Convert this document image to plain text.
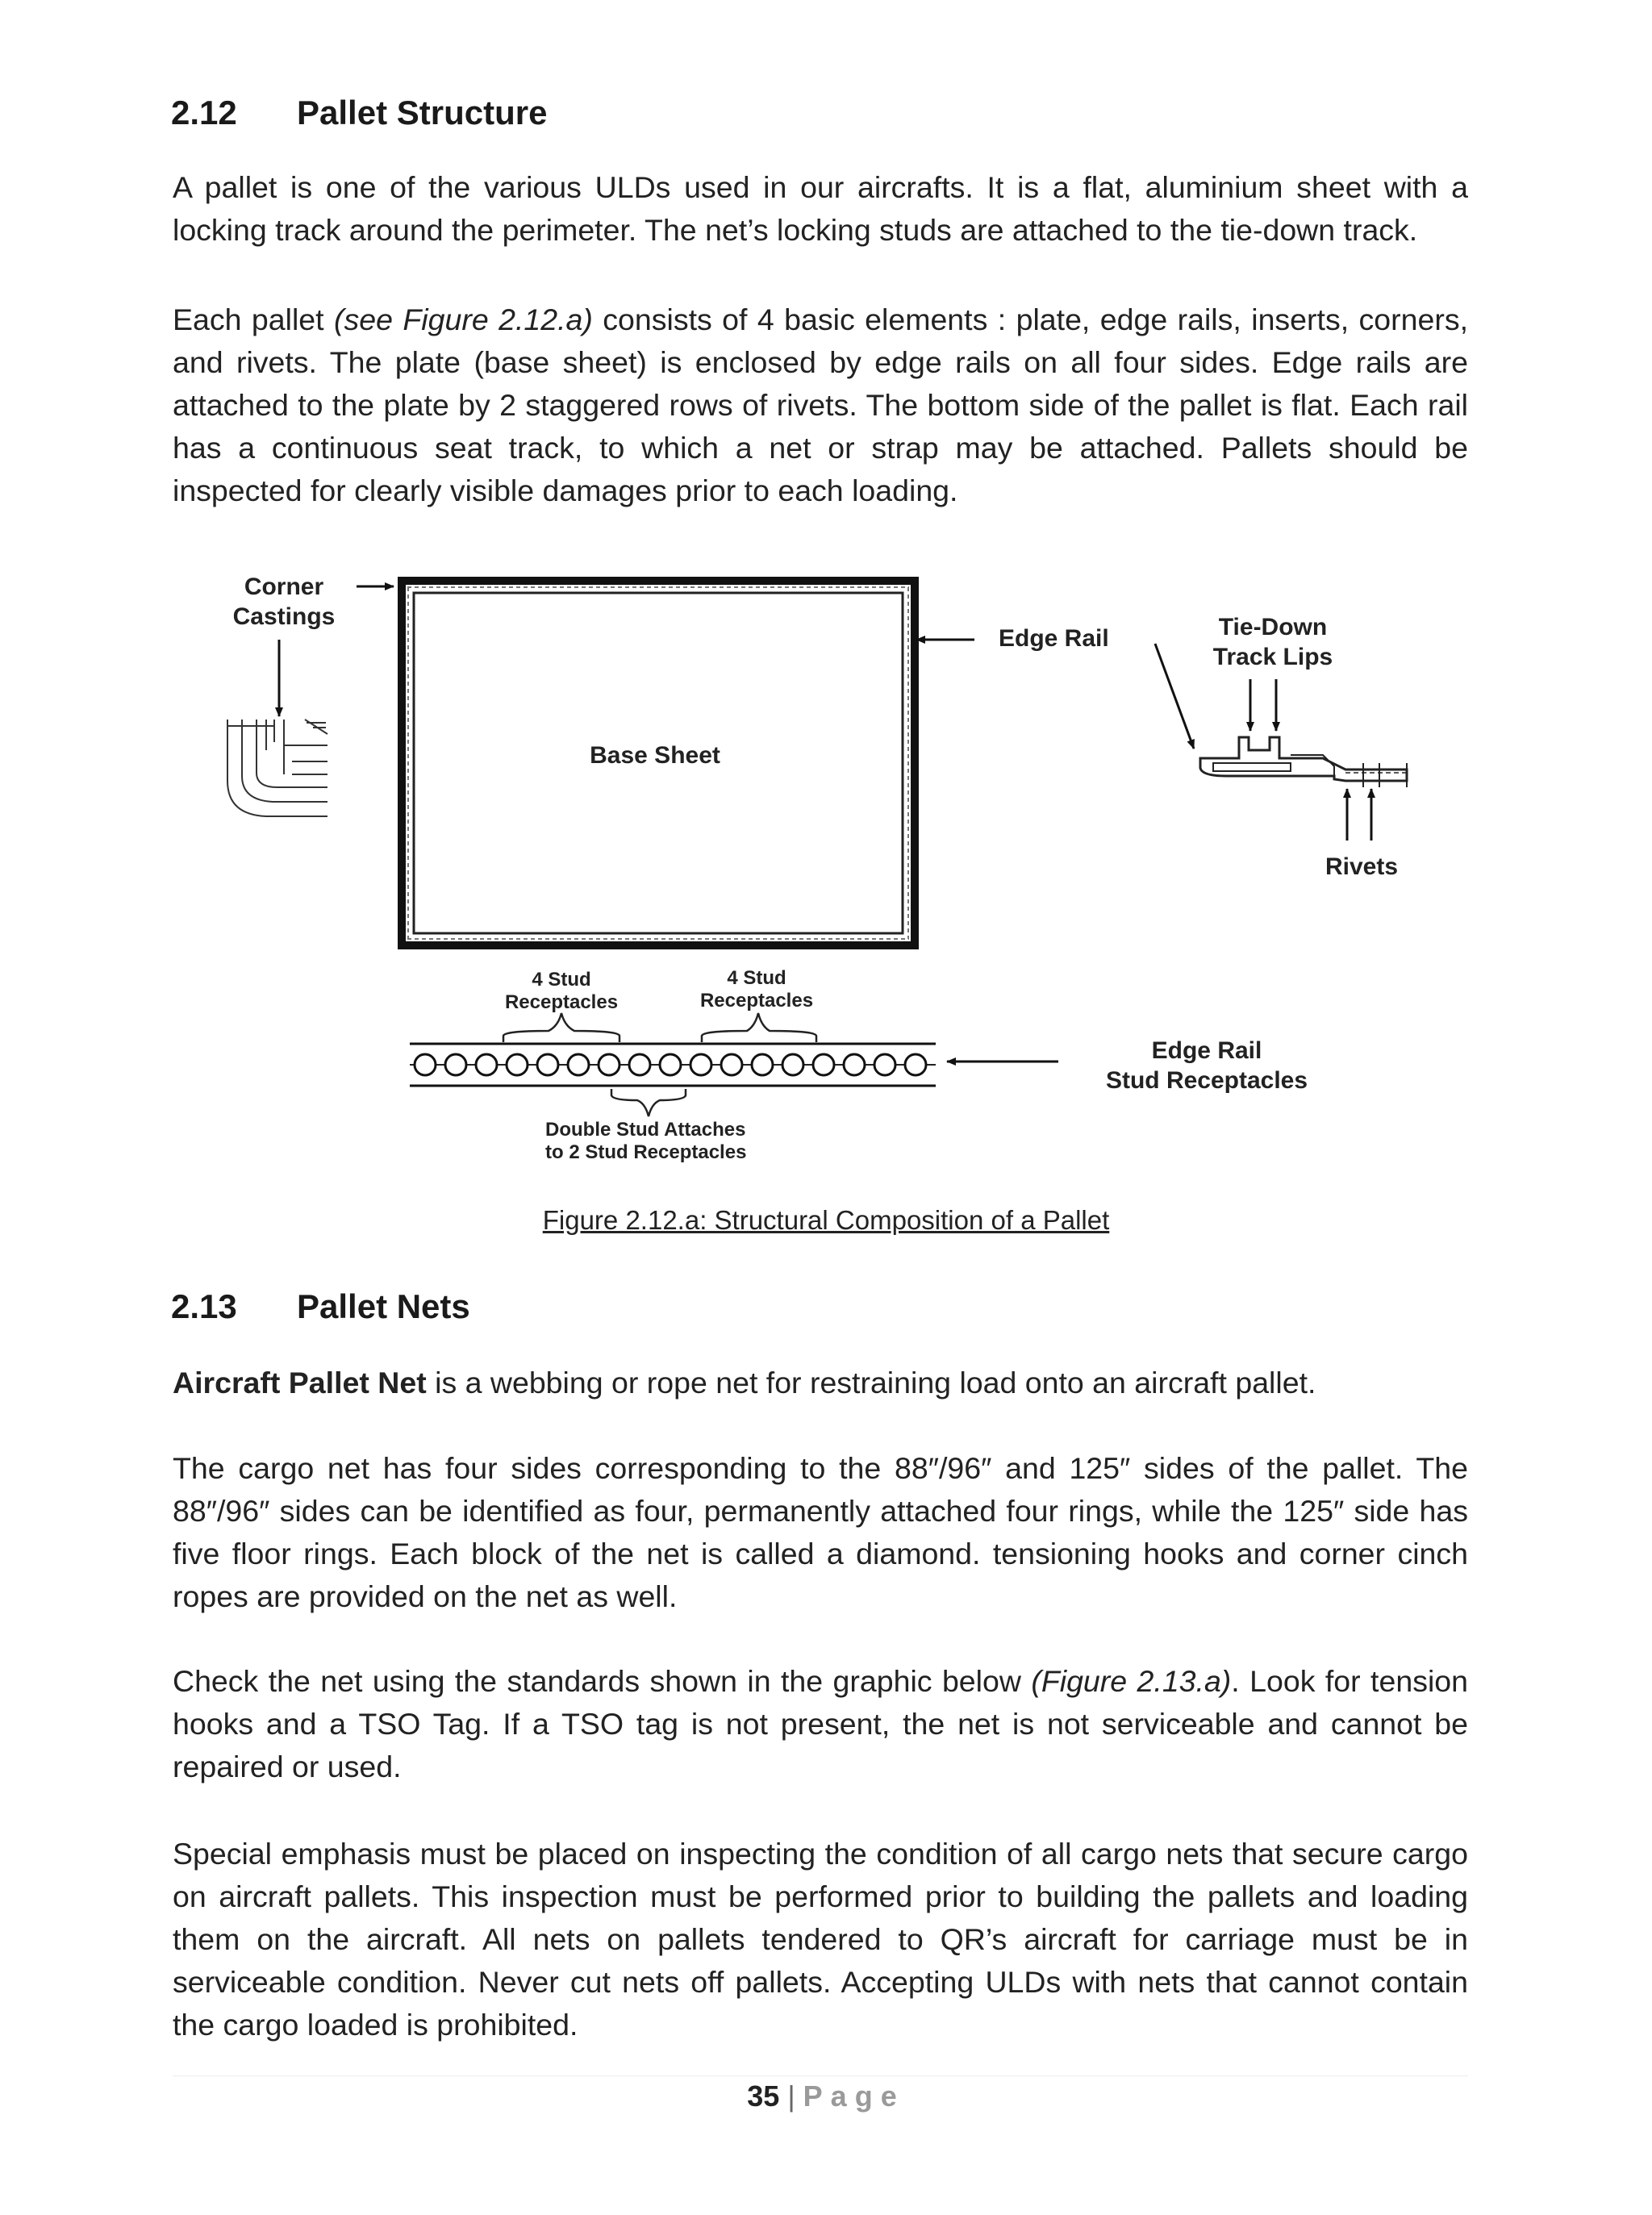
2.12 Pallet Structure

A pallet is one of the various ULDs used in our aircrafts. It is a flat, aluminium sheet with a locking track around the perimeter. The net’s locking studs are attached to the tie-down track.

Each pallet (see Figure 2.12.a) consists of 4 basic elements : plate, edge rails, inserts, corners, and rivets. The plate (base sheet) is enclosed by edge rails on all four sides. Edge rails are attached to the plate by 2 staggered rows of rivets. The bottom side of the pallet is flat. Each rail has a continuous seat track, to which a net or strap may be attached. Pallets should be inspected for clearly visible damages prior to each loading.

Corner
Castings
Base Sheet
Edge Rail	Tie-Down
Track Lips
Rivets
4 Stud
Receptacles
4 Stud
Receptacles
Double Stud Attaches
to 2 Stud Receptacles
Edge Rail
Stud Receptacles

Figure 2.12.a: Structural Composition of a Pallet

2.13 Pallet Nets

Aircraft Pallet Net is a webbing or rope net for restraining load onto an aircraft pallet.

The cargo net has four sides corresponding to the 88″/96″ and 125″ sides of the pallet. The 88″/96″ sides can be identified as four, permanently attached four rings, while the 125″ side has five floor rings. Each block of the net is called a diamond. tensioning hooks and corner cinch ropes are provided on the net as well.

Check the net using the standards shown in the graphic below (Figure 2.13.a). Look for tension hooks and a TSO Tag. If a TSO tag is not present, the net is not serviceable and cannot be repaired or used.

Special emphasis must be placed on inspecting the condition of all cargo nets that secure cargo on aircraft pallets. This inspection must be performed prior to building the pallets and loading them on the aircraft. All nets on pallets tendered to QR’s aircraft for carriage must be in serviceable condition. Never cut nets off pallets. Accepting ULDs with nets that cannot contain the cargo loaded is prohibited.

35 | Page
